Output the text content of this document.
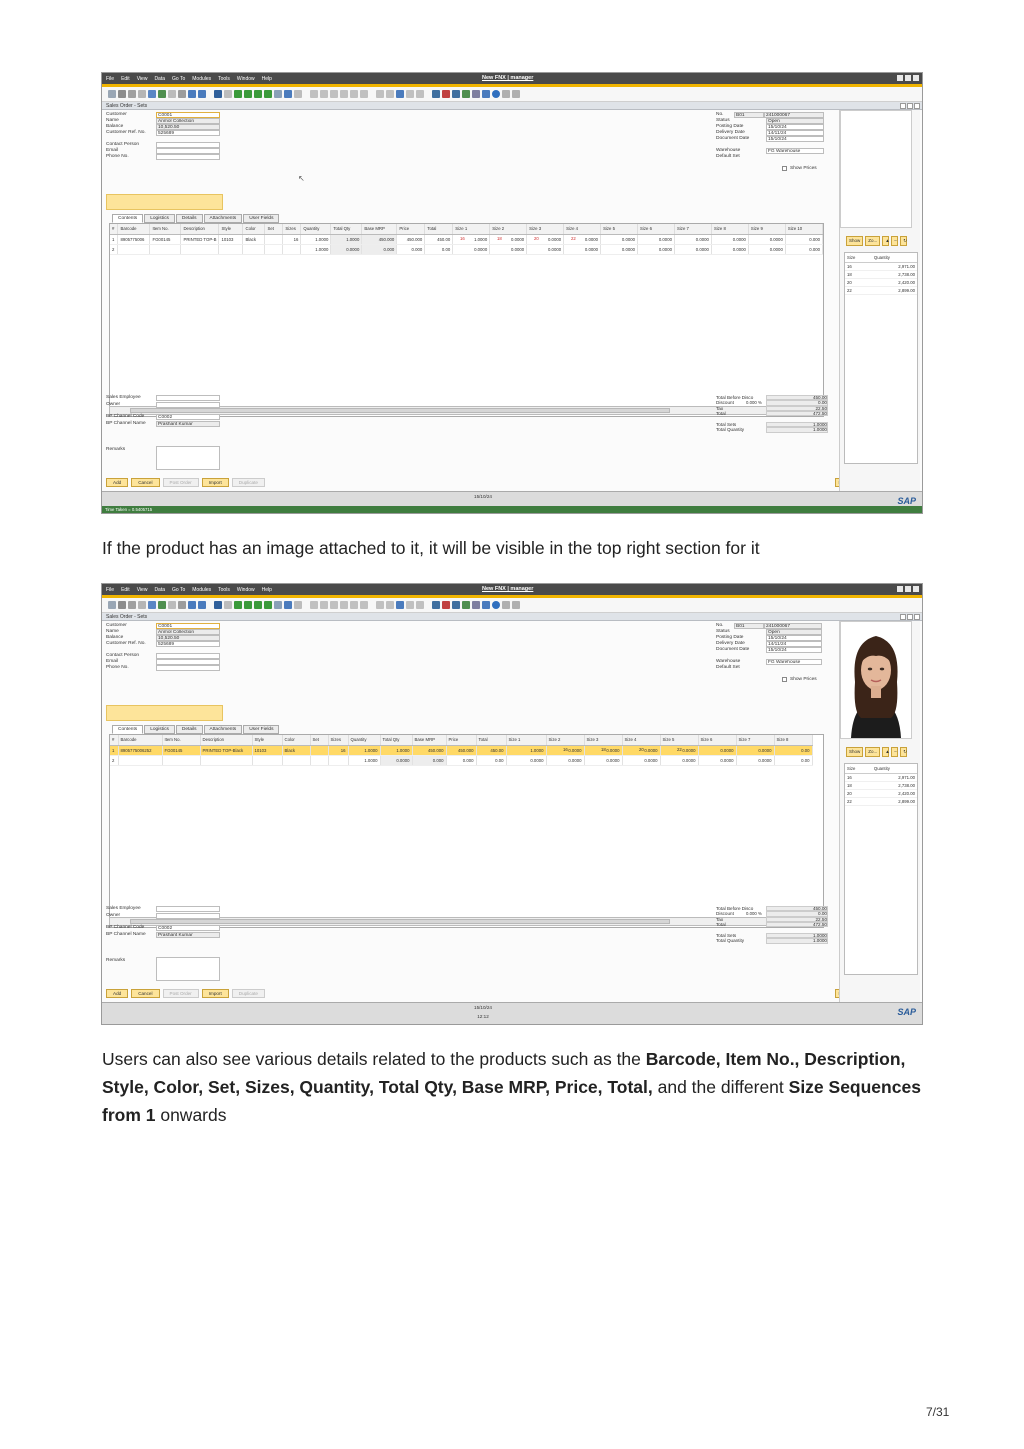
File Edit View Data Go To Modules Tools Window Help	New FNX | manager
Sales Order - Sets
Customer	C0001
Name	Anmol Collection
Balance	10,520.50
Customer Ref. No.	525689
Contact Person
Email
Phone No.
No.	B01	241000067
Status	Open
Posting Date	15/10/24
Delivery Date	14/11/24
Document Date	15/10/24
Warehouse	FG Warehouse
Default Set
Show Prices
↖
Contents	Logistics	Details	Attachments	User Fields
#	Barcode	Item No.	Description	Style	Color	Set	Sizes	Quantity	Total Qty	Base MRP	Price	Total	Size 1	Size 2	Size 3	Size 4	Size 5	Size 6	Size 7	Size 8	Size 9	Size 10
1	8905775006	FG00145	PRINTED TOP-B	10103	Black		16	1.0000	1.0000	450.000	450.000	450.00	1.0000	0.0000	0.0000	0.0000	0.0000	0.0000	0.0000	0.0000	0.0000	0.000
2								1.0000	0.0000	0.000	0.000	0.00	0.0000	0.0000	0.0000	0.0000	0.0000	0.0000	0.0000	0.0000	0.0000	0.000
16	18	20	22
Sales Employee
Owner
BP Channel Code	C0002
BP Channel Name	Prashant Kumar
Remarks
Total Before Disco	450.00
Discount	0.000 %	0.00
Tax	22.50
Total	472.50
Total Sets	1.0000
Total Quantity	1.0000
Add	Cancel	Post Order	Import	Duplicate
Show	Zo...	▲	–	↻
Size	Quantity
16	2,971.00
18	2,738.00
20	2,420.00
22	2,899.00
15/10/24	SAP
Time Taken = 0.5405715

If the product has an image attached to it, it will be visible in the top right section for it

File Edit View Data Go To Modules Tools Window Help	New FNX | manager
Sales Order - Sets
Customer	C0001
Name	Anmol Collection
Balance	10,520.50
Customer Ref. No.	525689
Contact Person
Email
Phone No.
No.	B01	241000067
Status	Open
Posting Date	15/10/24
Delivery Date	14/11/24
Document Date	15/10/24
Warehouse	FG Warehouse
Default Set
Show Prices
Contents	Logistics	Details	Attachments	User Fields
#	Barcode	Item No.	Description	Style	Color	Set	Sizes	Quantity	Total Qty	Base MRP	Price	Total	Size 1	Size 2	Size 3	Size 4	Size 5	Size 6	Size 7	Size 8
1	8905775006252	FG00145	PRINTED TOP-Black	10103	Black		16	1.0000	1.0000	450.000	450.000	450.00	1.0000	0.0000	0.0000	0.0000	0.0000	0.0000	0.0000	0.00
2								1.0000	0.0000	0.000	0.000	0.00	0.0000	0.0000	0.0000	0.0000	0.0000	0.0000	0.0000	0.00
16	18	20	22
Sales Employee
Owner
BP Channel Code	C0002
BP Channel Name	Prashant Kumar
Remarks
Total Before Disco	450.00
Discount	0.000 %	0.00
Tax	22.50
Total	472.50
Total Sets	1.0000
Total Quantity	1.0000
Add	Cancel	Post Order	Import	Duplicate
Show	Zo...	▲	–	↻
Size	Quantity
16	2,971.00
18	2,738.00
20	2,420.00
22	2,899.00
15/10/24
12:12	SAP

Users can also see various details related to the products such as the Barcode, Item No., Description, Style, Color, Set, Sizes, Quantity, Total Qty, Base MRP, Price, Total, and the different Size Sequences from 1 onwards

7/31
